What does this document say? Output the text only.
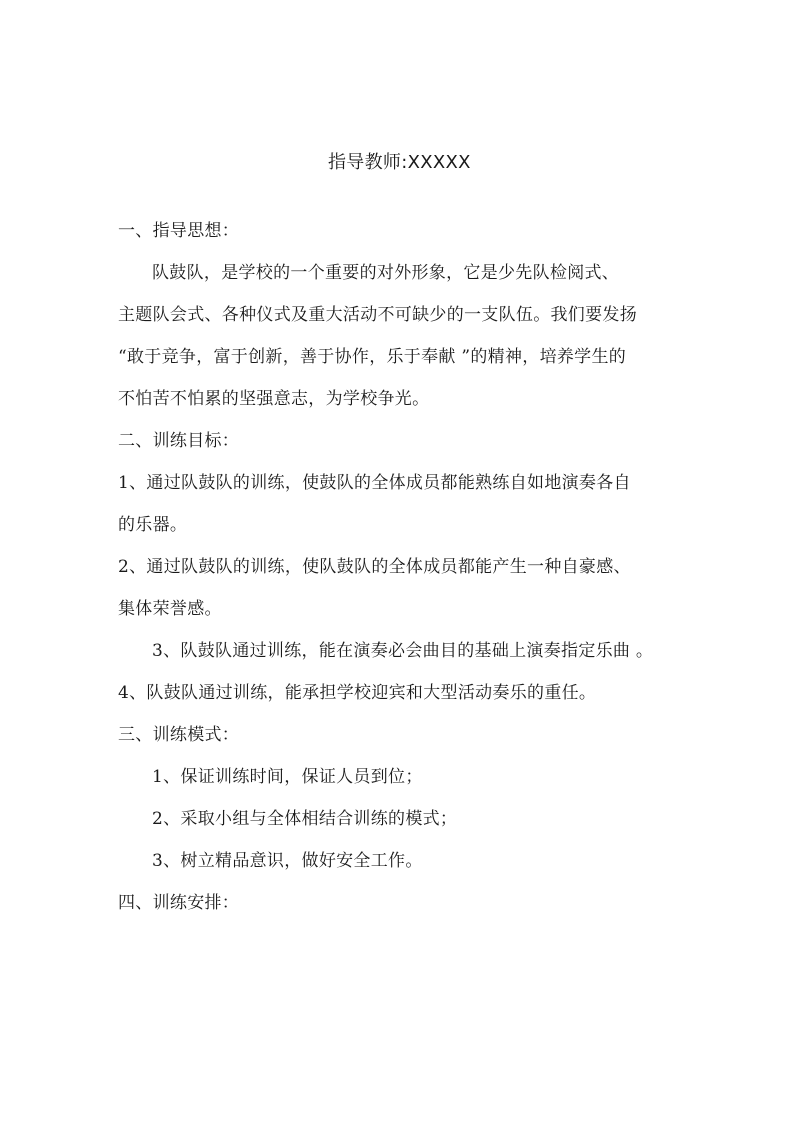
指导教师:XXXXX
一、指导思想：
队鼓队，是学校的一个重要的对外形象，它是少先队检阅式、
主题队会式、各种仪式及重大活动不可缺少的一支队伍。我们要发扬
“敢于竞争，富于创新，善于协作，乐于奉献 ”的精神，培养学生的
不怕苦不怕累的坚强意志，为学校争光。
二、训练目标：
1、通过队鼓队的训练，使鼓队的全体成员都能熟练自如地演奏各自
的乐器。
2、通过队鼓队的训练，使队鼓队的全体成员都能产生一种自豪感、
集体荣誉感。
3、队鼓队通过训练，能在演奏必会曲目的基础上演奏指定乐曲 。
4、队鼓队通过训练，能承担学校迎宾和大型活动奏乐的重任。
三、训练模式：
1、保证训练时间，保证人员到位；
2、采取小组与全体相结合训练的模式；
3、树立精品意识，做好安全工作。
四、训练安排：
